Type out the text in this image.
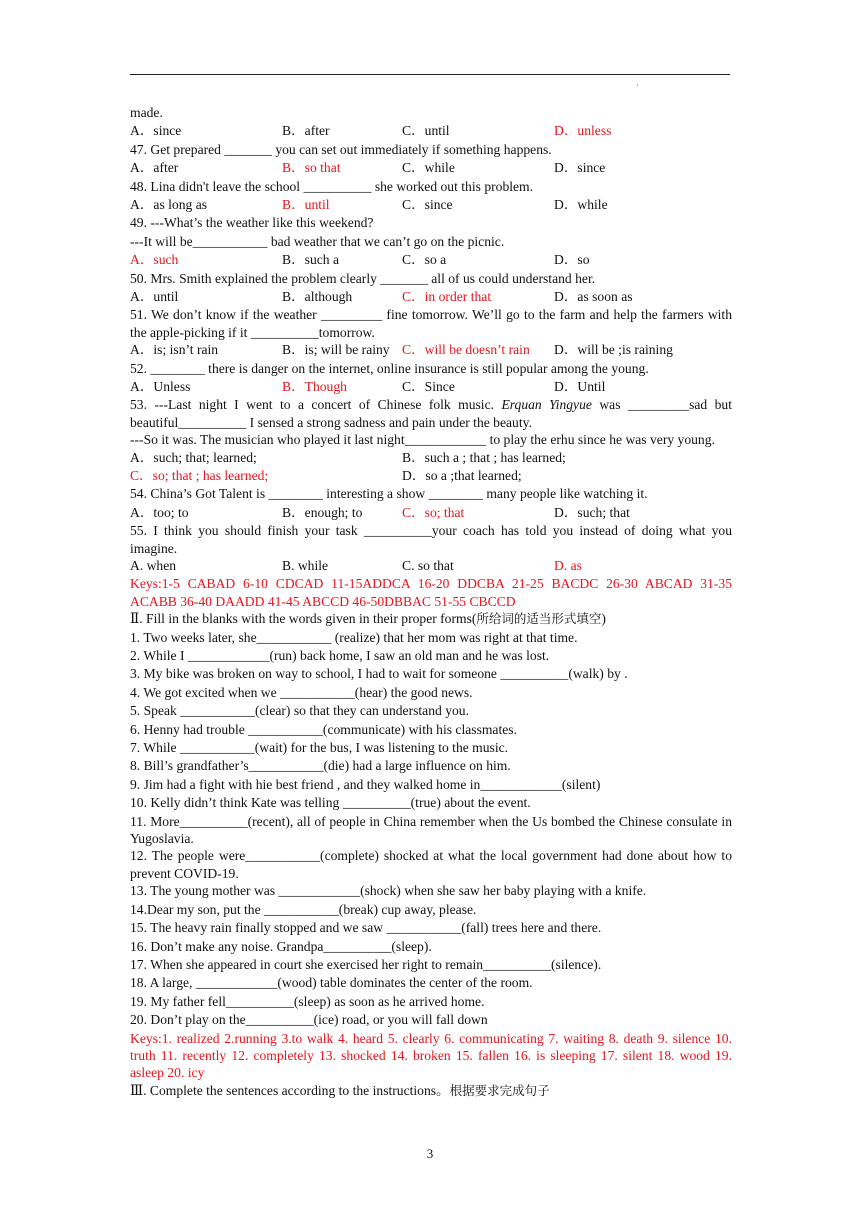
·
made.
A．since	B．after	C．until	D．unless
47. Get prepared _______ you can set out immediately if something happens.
A．after	B．so that	C．while	D．since
48. Lina didn't leave the school __________ she worked out this problem.
A．as long as	B．until	C．since	D．while
49. ---What’s the weather like this weekend?
---It will be___________ bad weather that we can’t go on the picnic.
A．such	B．such a	C．so a	D．so
50. Mrs. Smith explained the problem clearly _______ all of us could understand her.
A．until	B．although	C．in order that	D．as soon as
51. We don’t know if the weather _________ fine tomorrow. We’ll go to the farm and help the farmers with the apple-picking if it __________tomorrow.
A．is; isn’t rain	B．is; will be rainy C．will be doesn’t rain D．will be ;is raining
52. ________ there is danger on the internet, online insurance is still popular among the young.
A．Unless	B．Though	C．Since	D．Until
53. ---Last night I went to a concert of Chinese folk music. Erquan Yingyue was _________sad but beautiful__________ I sensed a strong sadness and pain under the beauty.
---So it was. The musician who played it last night____________ to play the erhu since he was very young.
A．such; that; learned;	B．such a ; that ; has learned;
C．so; that ; has learned;	D．so a ;that learned;
54. China’s Got Talent is ________ interesting a show ________ many people like watching it.
A．too; to	B．enough; to	C．so; that	D．such; that
55. I think you should finish your task __________your coach has told you instead of doing what you imagine.
A. when	B. while	C. so that	D. as
Keys:1-5 CABAD 6-10 CDCAD 11-15ADDCA 16-20 DDCBA 21-25 BACDC 26-30 ABCAD 31-35 ACABB 36-40 DAADD 41-45 ABCCD 46-50DBBAC 51-55 CBCCD
Ⅱ. Fill in the blanks with the words given in their proper forms(所给词的适当形式填空)
1. Two weeks later, she___________ (realize) that her mom was right at that time.
2. While I ____________(run) back home, I saw an old man and he was lost.
3. My bike was broken on way to school, I had to wait for someone __________(walk) by .
4. We got excited when we ___________(hear) the good news.
5. Speak ___________(clear) so that they can understand you.
6. Henny had trouble ___________(communicate) with his classmates.
7. While ___________(wait) for the bus, I was listening to the music.
8. Bill’s grandfather’s___________(die) had a large influence on him.
9. Jim had a fight with hie best friend , and they walked home in____________(silent)
10. Kelly didn’t think Kate was telling __________(true) about the event.
11. More__________(recent), all of people in China remember when the Us bombed the Chinese consulate in Yugoslavia.
12. The people were___________(complete) shocked at what the local government had done about how to prevent COVID-19.
13. The young mother was ____________(shock) when she saw her baby playing with a knife.
14.Dear my son, put the ___________(break) cup away, please.
15. The heavy rain finally stopped and we saw ___________(fall) trees here and there.
16. Don’t make any noise. Grandpa__________(sleep).
17. When she appeared in court she exercised her right to remain__________(silence).
18. A large, ____________(wood) table dominates the center of the room.
19. My father fell__________(sleep) as soon as he arrived home.
20. Don’t play on the__________(ice) road, or you will fall down
Keys:1. realized 2.running 3.to walk 4. heard 5. clearly 6. communicating 7. waiting 8. death 9. silence 10. truth 11. recently 12. completely 13. shocked 14. broken 15. fallen 16. is sleeping 17. silent 18. wood 19. asleep 20. icy
Ⅲ. Complete the sentences according to the instructions。根据要求完成句子
3
